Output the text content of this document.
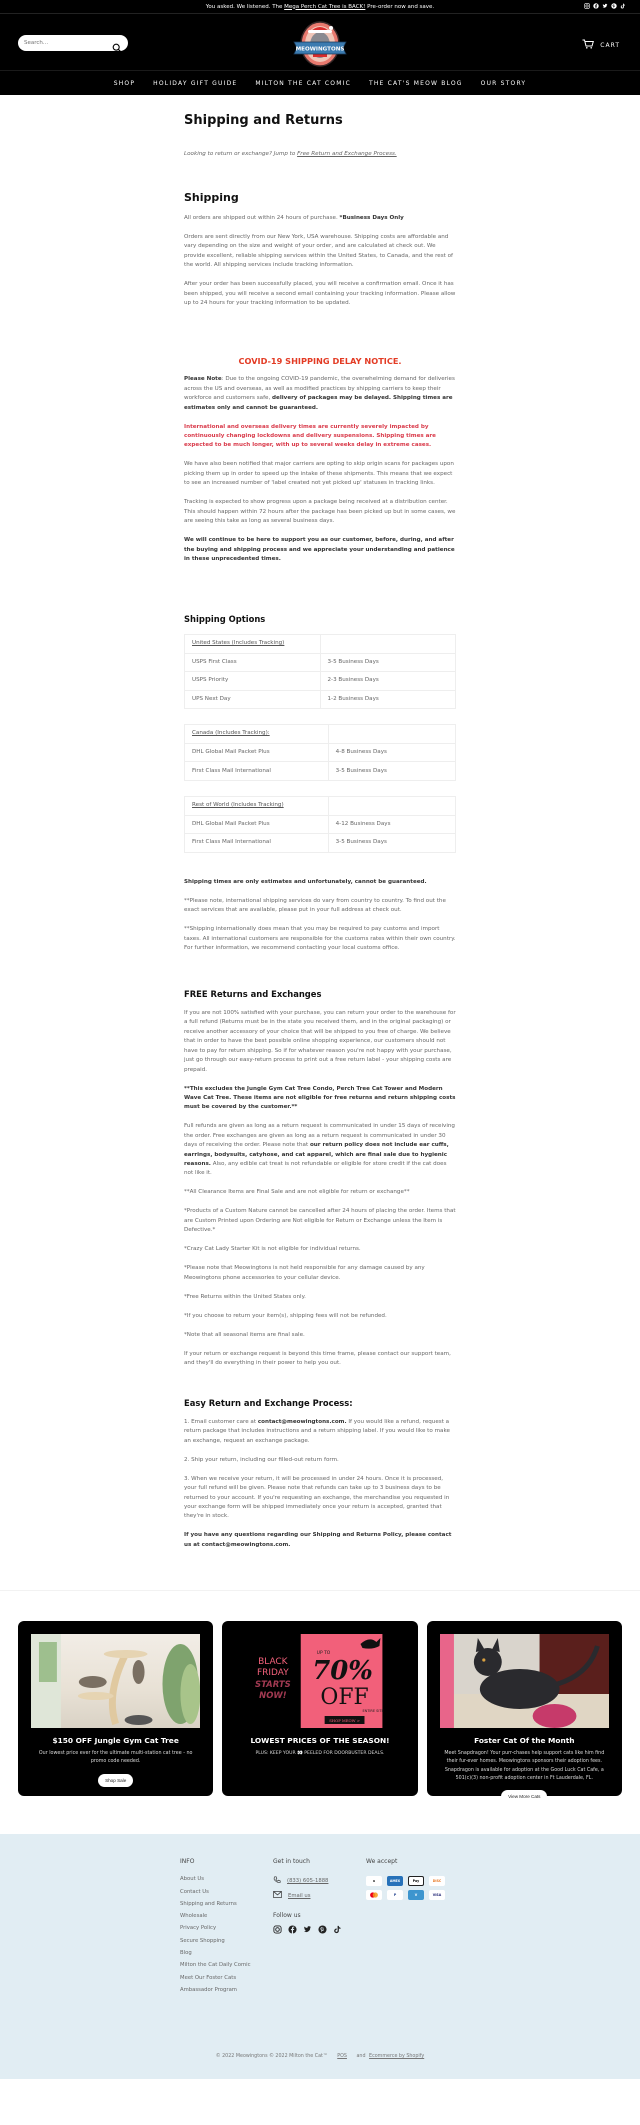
You asked. We listened. The Mega Perch Cat Tree is BACK! Pre-order now and save.
Search...
MEOWINGTONS
CART
SHOP	HOLIDAY GIFT GUIDE	MILTON THE CAT COMIC	THE CAT'S MEOW BLOG	OUR STORY
Shipping and Returns

Looking to return or exchange? Jump to Free Return and Exchange Process.

Shipping

All orders are shipped out within 24 hours of purchase. *Business Days Only

Orders are sent directly from our New York, USA warehouse. Shipping costs are affordable and vary depending on the size and weight of your order, and are calculated at check out. We provide excellent, reliable shipping services within the United States, to Canada, and the rest of the world. All shipping services include tracking information.

After your order has been successfully placed, you will receive a confirmation email. Once it has been shipped, you will receive a second email containing your tracking information. Please allow up to 24 hours for your tracking information to be updated.

COVID-19 SHIPPING DELAY NOTICE.

Please Note: Due to the ongoing COVID-19 pandemic, the overwhelming demand for deliveries across the US and overseas, as well as modified practices by shipping carriers to keep their workforce and customers safe, delivery of packages may be delayed. Shipping times are estimates only and cannot be guaranteed.

International and overseas delivery times are currently severely impacted by continuously changing lockdowns and delivery suspensions. Shipping times are expected to be much longer, with up to several weeks delay in extreme cases.

We have also been notified that major carriers are opting to skip origin scans for packages upon picking them up in order to speed up the intake of these shipments. This means that we expect to see an increased number of 'label created not yet picked up' statuses in tracking links.

Tracking is expected to show progress upon a package being received at a distribution center. This should happen within 72 hours after the package has been picked up but in some cases, we are seeing this take as long as several business days.

We will continue to be here to support you as our customer, before, during, and after the buying and shipping process and we appreciate your understanding and patience in these unprecedented times.

Shipping Options
United States (Includes Tracking)	
USPS First Class	3-5 Business Days
USPS Priority	2-3 Business Days
UPS Next Day	1-2 Business Days
Canada (Includes Tracking):	
DHL Global Mail Packet Plus	4-8 Business Days
First Class Mail International	3-5 Business Days
Rest of World (Includes Tracking)	
DHL Global Mail Packet Plus	4-12 Business Days
First Class Mail International	3-5 Business Days

Shipping times are only estimates and unfortunately, cannot be guaranteed.

**Please note, international shipping services do vary from country to country. To find out the exact services that are available, please put in your full address at check out.

**Shipping internationally does mean that you may be required to pay customs and import taxes. All international customers are responsible for the customs rates within their own country. For further information, we recommend contacting your local customs office.

FREE Returns and Exchanges

If you are not 100% satisfied with your purchase, you can return your order to the warehouse for a full refund (Returns must be in the state you received them, and in the original packaging) or receive another accessory of your choice that will be shipped to you free of charge. We believe that in order to have the best possible online shopping experience, our customers should not have to pay for return shipping. So if for whatever reason you're not happy with your purchase, just go through our easy-return process to print out a free return label - your shipping costs are prepaid.

**This excludes the Jungle Gym Cat Tree Condo, Perch Tree Cat Tower and Modern Wave Cat Tree. These items are not eligible for free returns and return shipping costs must be covered by the customer.**

Full refunds are given as long as a return request is communicated in under 15 days of receiving the order. Free exchanges are given as long as a return request is communicated in under 30 days of receiving the order. Please note that our return policy does not include ear cuffs, earrings, bodysuits, catyhose, and cat apparel, which are final sale due to hygienic reasons. Also, any edible cat treat is not refundable or eligible for store credit if the cat does not like it.

**All Clearance Items are Final Sale and are not eligible for return or exchange**

*Products of a Custom Nature cannot be cancelled after 24 hours of placing the order. Items that are Custom Printed upon Ordering are Not eligible for Return or Exchange unless the Item is Defective.*

*Crazy Cat Lady Starter Kit is not eligible for individual returns.

*Please note that Meowingtons is not held responsible for any damage caused by any Meowingtons phone accessories to your cellular device.

*Free Returns within the United States only.

*If you choose to return your item(s), shipping fees will not be refunded.

*Note that all seasonal items are final sale.

If your return or exchange request is beyond this time frame, please contact our support team, and they'll do everything in their power to help you out.

Easy Return and Exchange Process:

1. Email customer care at contact@meowingtons.com. If you would like a refund, request a return package that includes instructions and a return shipping label. If you would like to make an exchange, request an exchange package.

2. Ship your return, including our filled-out return form.

3. When we receive your return, it will be processed in under 24 hours. Once it is processed, your full refund will be given. Please note that refunds can take up to 3 business days to be returned to your account. If you're requesting an exchange, the merchandise you requested in your exchange form will be shipped immediately once your return is accepted, granted that they're in stock.

If you have any questions regarding our Shipping and Returns Policy, please contact us at contact@meowingtons.com.

$150 OFF Jungle Gym Cat Tree

Our lowest price ever for the ultimate multi-station cat tree - no promo code needed.

Shop Sale
BLACK
FRIDAY
STARTS
NOW!
UP TO
70%
OFF
ENTIRE SITE
SHOP MEOW >
LOWEST PRICES OF THE SEASON!

PLUS: KEEP YOUR 👀 PEELED FOR DOORBUSTER DEALS.

Foster Cat Of the Month

Meet Snapdragon! Your purr-chases help support cats like him find their fur-ever homes. Meowingtons sponsors their adoption fees. Snapdragon is available for adoption at the Good Luck Cat Cafe, a 501(c)(3) non-profit adoption center in Ft Lauderdale, FL.

View More Cats
INFO
About Us
Contact Us
Shipping and Returns
Wholesale
Privacy Policy
Secure Shopping
Blog
Milton the Cat Daily Comic
Meet Our Foster Cats
Ambassador Program
Get in touch
(833) 605-1888
Email us
Follow us
We accept
a	AMEX	Pay	DISC
P	V	VISA
© 2022 Meowingtons © 2022 Milton the Cat™ POS and Ecommerce by Shopify
